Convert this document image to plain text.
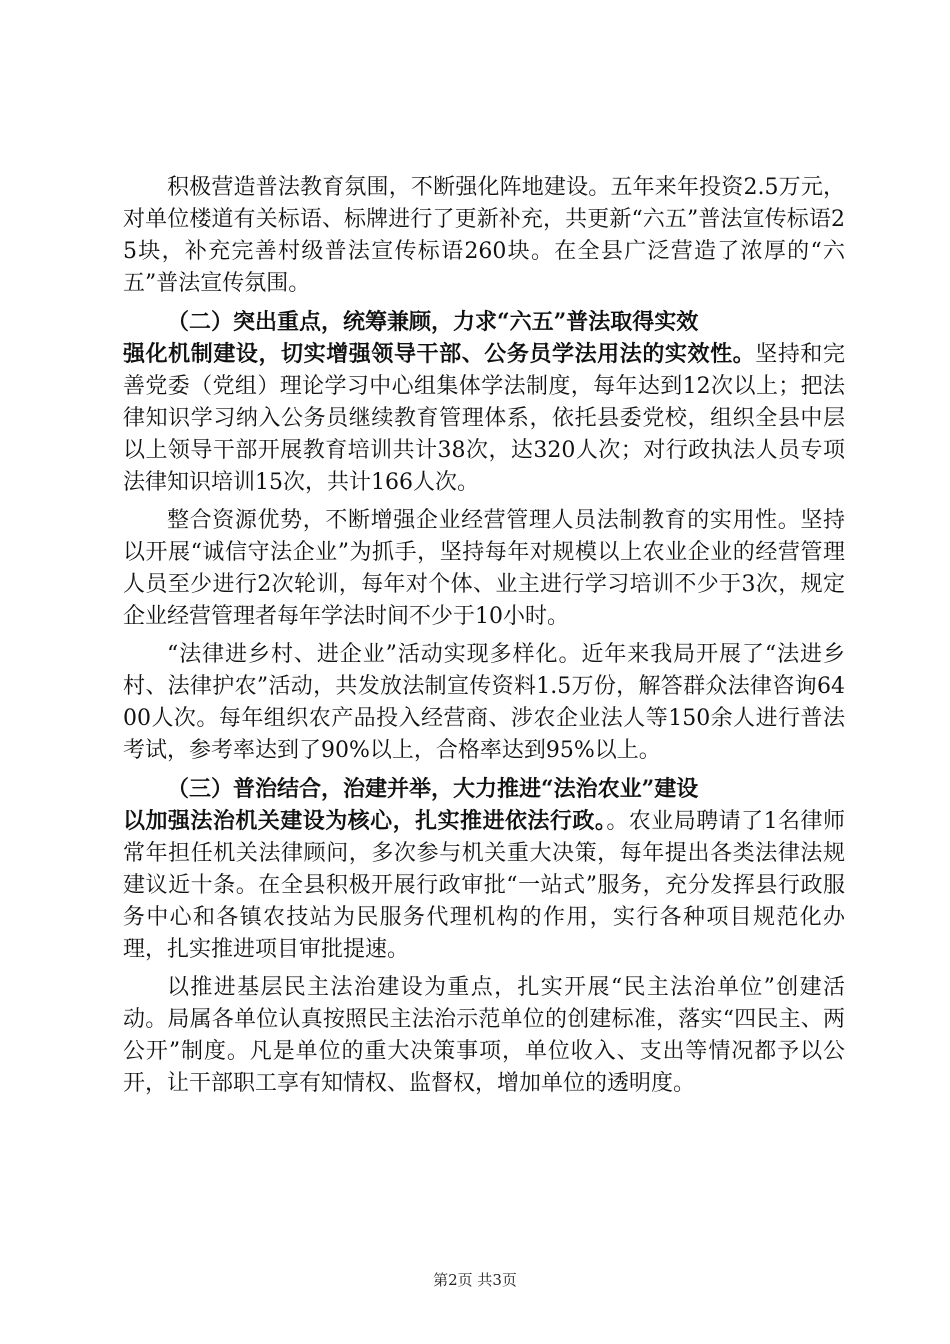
积极营造普法教育氛围，不断强化阵地建设。五年来年投资2.5万元，对单位楼道有关标语、标牌进行了更新补充，共更新“六五”普法宣传标语25块，补充完善村级普法宣传标语260块。在全县广泛营造了浓厚的“六五”普法宣传氛围。

（二）突出重点，统筹兼顾，力求“六五”普法取得实效

强化机制建设，切实增强领导干部、公务员学法用法的实效性。坚持和完善党委（党组）理论学习中心组集体学法制度，每年达到12次以上；把法律知识学习纳入公务员继续教育管理体系，依托县委党校，组织全县中层以上领导干部开展教育培训共计38次，达320人次；对行政执法人员专项法律知识培训15次，共计166人次。

整合资源优势，不断增强企业经营管理人员法制教育的实用性。坚持以开展“诚信守法企业”为抓手，坚持每年对规模以上农业企业的经营管理人员至少进行2次轮训，每年对个体、业主进行学习培训不少于3次，规定企业经营管理者每年学法时间不少于10小时。

“法律进乡村、进企业”活动实现多样化。近年来我局开展了“法进乡村、法律护农”活动，共发放法制宣传资料1.5万份，解答群众法律咨询6400人次。每年组织农产品投入经营商、涉农企业法人等150余人进行普法考试，参考率达到了90%以上，合格率达到95%以上。

（三）普治结合，治建并举，大力推进“法治农业”建设

以加强法治机关建设为核心，扎实推进依法行政。。农业局聘请了1名律师常年担任机关法律顾问，多次参与机关重大决策，每年提出各类法律法规建议近十条。在全县积极开展行政审批“一站式”服务，充分发挥县行政服务中心和各镇农技站为民服务代理机构的作用，实行各种项目规范化办理，扎实推进项目审批提速。

以推进基层民主法治建设为重点，扎实开展“民主法治单位”创建活动。局属各单位认真按照民主法治示范单位的创建标准，落实“四民主、两公开”制度。凡是单位的重大决策事项，单位收入、支出等情况都予以公开，让干部职工享有知情权、监督权，增加单位的透明度。

第2页 共3页
